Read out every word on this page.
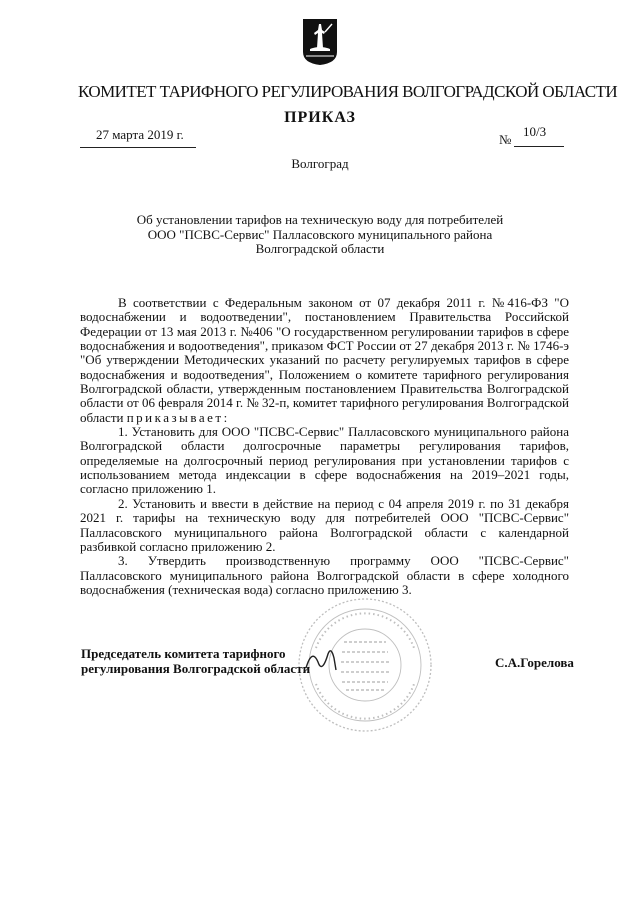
КОМИТЕТ ТАРИФНОГО РЕГУЛИРОВАНИЯ ВОЛГОГРАДСКОЙ ОБЛАСТИ
ПРИКАЗ
27 марта 2019 г.	№
10/3
Волгоград
Об установлении тарифов на техническую воду для потребителей
ООО "ПСВС-Сервис" Палласовского муниципального района
Волгоградской области

В соответствии с Федеральным законом от 07 декабря 2011 г. №416-ФЗ "О водоснабжении и водоотведении", постановлением Правительства Российской Федерации от 13 мая 2013 г. №406 "О государственном регулировании тарифов в сфере водоснабжения и водоотведения", приказом ФСТ России от 27 декабря 2013 г. № 1746-э "Об утверждении Методических указаний по расчету регулируемых тарифов в сфере водоснабжения и водоотведения", Положением о комитете тарифного регулирования Волгоградской области, утвержденным постановлением Правительства Волгоградской области от 06 февраля 2014 г. № 32-п, комитет тарифного регулирования Волгоградской области приказывает:

1. Установить для ООО "ПСВС-Сервис" Палласовского муниципального района Волгоградской области долгосрочные параметры регулирования тарифов, определяемые на долгосрочный период регулирования при установлении тарифов с использованием метода индексации в сфере водоснабжения на 2019–2021 годы, согласно приложению 1.

2. Установить и ввести в действие на период с 04 апреля 2019 г. по 31 декабря 2021 г. тарифы на техническую воду для потребителей ООО "ПСВС-Сервис" Палласовского муниципального района Волгоградской области с календарной разбивкой согласно приложению 2.

3. Утвердить производственную программу ООО "ПСВС-Сервис" Палласовского муниципального района Волгоградской области в сфере холодного водоснабжения (техническая вода) согласно приложению 3.

Председатель комитета тарифного
регулирования Волгоградской области	С.А.Горелова
